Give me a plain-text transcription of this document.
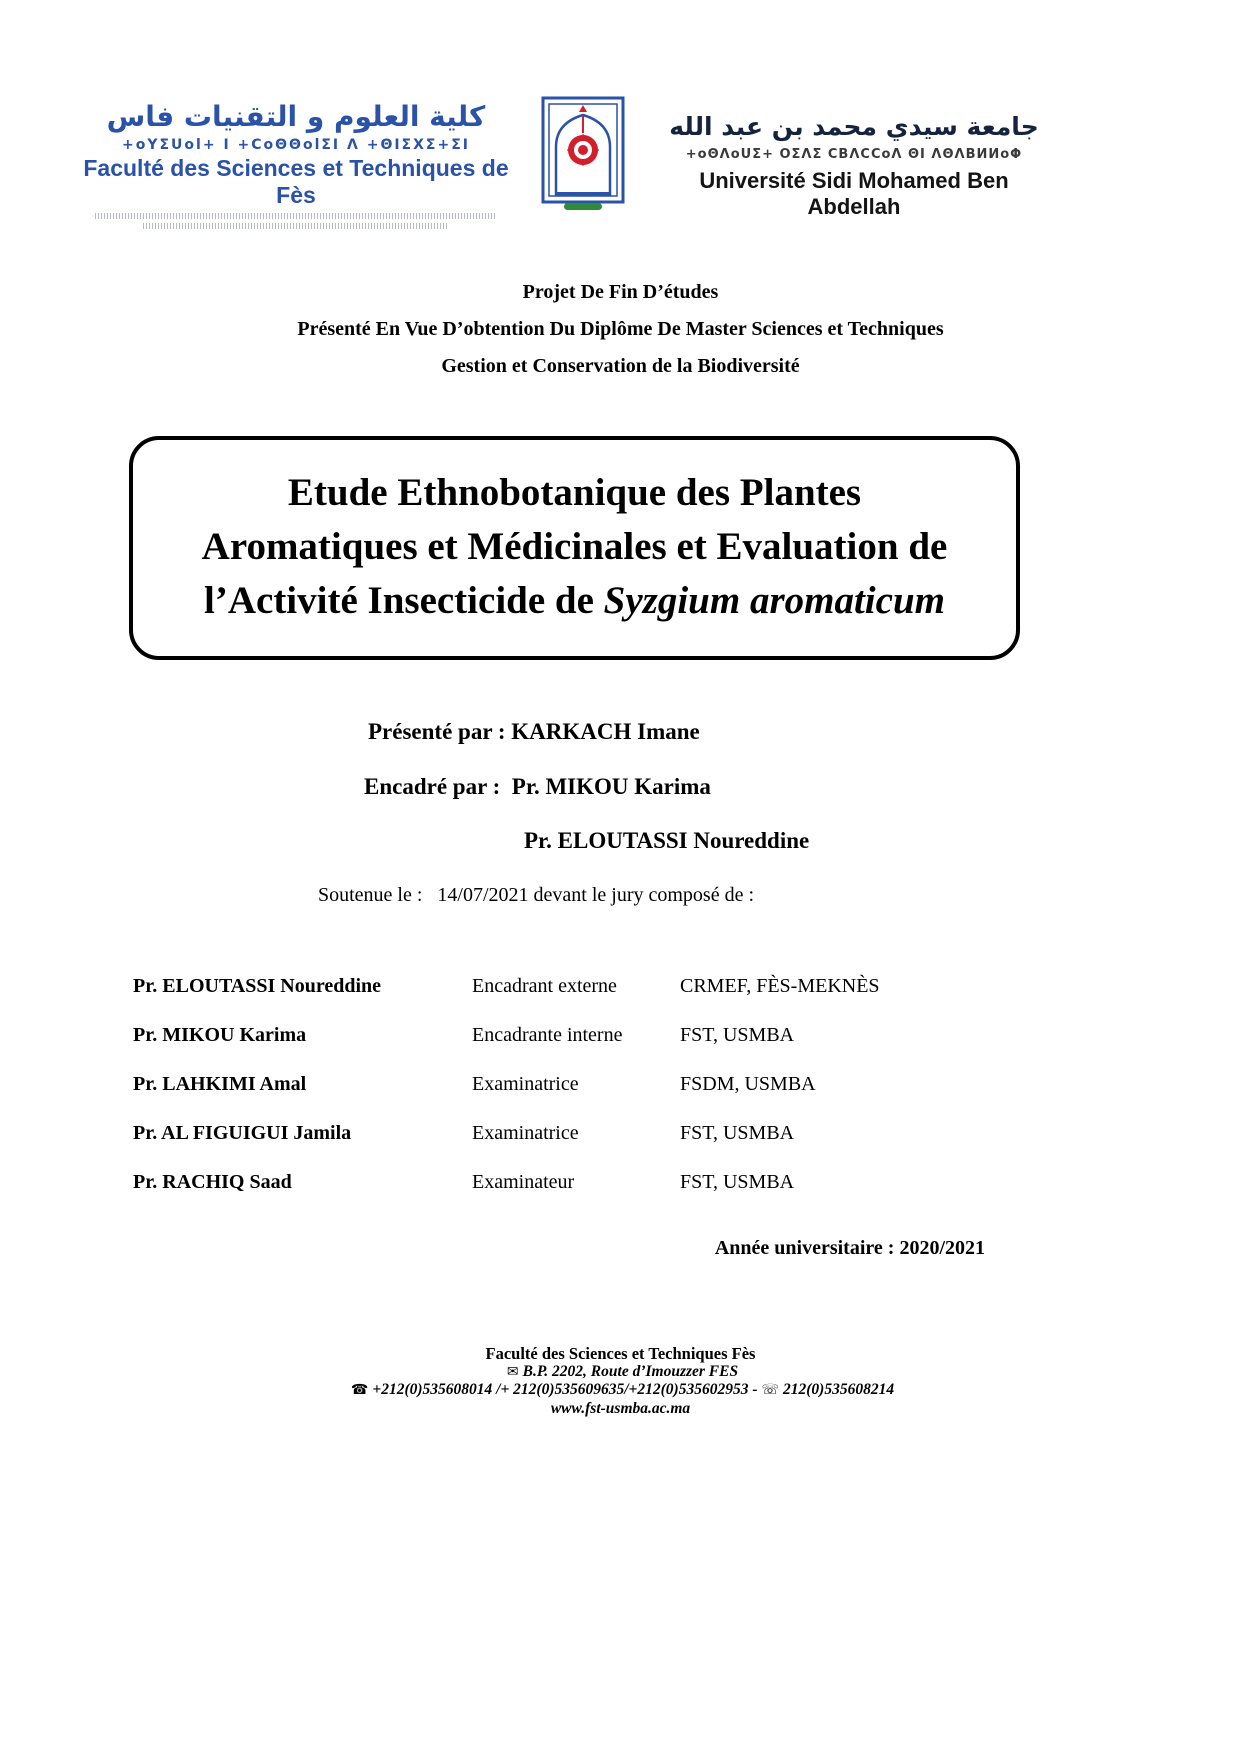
كلية العلوم و التقنيات فاس
+oYΣUol+ I +CoΘΘolΣI Λ +ΘIΣXΣ+ΣI
Faculté des Sciences et Techniques de Fès
جامعة سيدي محمد بن عبد الله
+oΘΛoUΣ+ OΣΛΣ CBΛCCoΛ ΘI ΛΘΛBИИoΦ
Université Sidi Mohamed Ben Abdellah
Projet De Fin D’études
Présenté En Vue D’obtention Du Diplôme De Master Sciences et Techniques
Gestion et Conservation de la Biodiversité
Etude Ethnobotanique des Plantes
Aromatiques et Médicinales et Evaluation de
l’Activité Insecticide de Syzgium aromaticum
Présenté par : KARKACH Imane
Encadré par :  Pr. MIKOU Karima
Pr. ELOUTASSI Noureddine
Soutenue le :   14/07/2021 devant le jury composé de :
Pr. ELOUTASSI Noureddine	Encadrant externe	CRMEF, FÈS-MEKNÈS
Pr. MIKOU Karima	Encadrante interne	FST, USMBA
Pr. LAHKIMI Amal	Examinatrice	FSDM, USMBA
Pr. AL FIGUIGUI Jamila	Examinatrice	FST, USMBA
Pr. RACHIQ Saad	Examinateur	FST, USMBA
Année universitaire : 2020/2021
Faculté des Sciences et Techniques Fès
✉ B.P. 2202, Route d’Imouzzer FES
☎ +212(0)535608014 /+ 212(0)535609635/+212(0)535602953 - ☏ 212(0)535608214
www.fst-usmba.ac.ma
